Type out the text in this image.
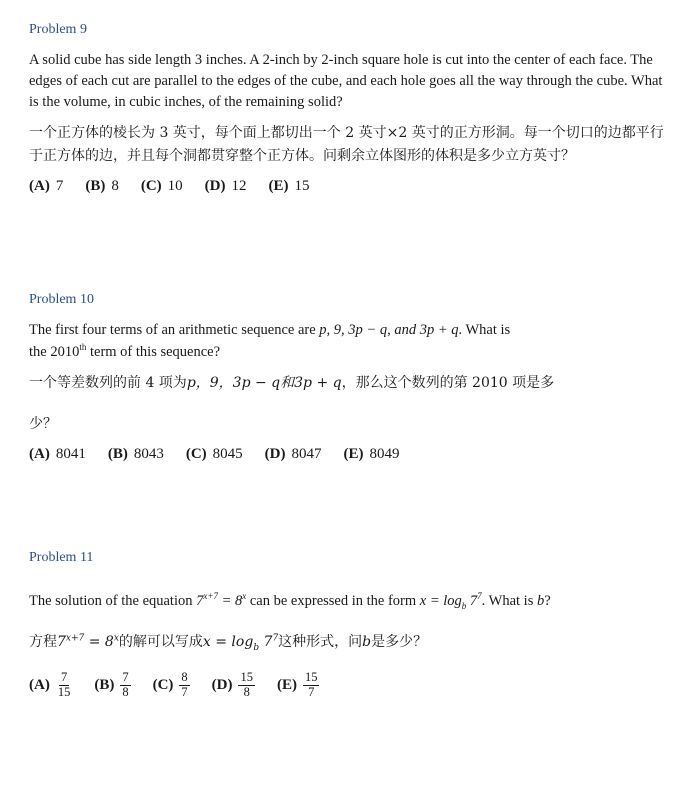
Problem 9

A solid cube has side length 3 inches. A 2-inch by 2-inch square hole is cut into the center of each face. The edges of each cut are parallel to the edges of the cube, and each hole goes all the way through the cube. What is the volume, in cubic inches, of the remaining solid?

一个正方体的棱长为 3 英寸，每个面上都切出一个 2 英寸×2 英寸的正方形洞。每一个切口的边都平行于正方体的边，并且每个洞都贯穿整个正方体。问剩余立体图形的体积是多少立方英寸？

(A) 7 (B) 8 (C) 10 (D) 12 (E) 15
Problem 10

The first four terms of an arithmetic sequence are p, 9, 3p − q, and 3p + q. What is
the 2010th term of this sequence?

一个等差数列的前 4 项为p，9，3p − q和3p + q，那么这个数列的第 2010 项是多

少？

(A) 8041 (B) 8043 (C) 8045 (D) 8047 (E) 8049
Problem 11

The solution of the equation $7^{x+7} = 8^x$ can be expressed in the form $x = \log_b 7^7$. What is b?

方程$7^{x+7} = 8^x$的解可以写成$x = \log_b 7^7$这种形式，问b是多少？

$(A) \frac{7}{15} (B) \frac{7}{8} (C) \frac{8}{7} (D) \frac{15}{8} (E) \frac{15}{7}$
